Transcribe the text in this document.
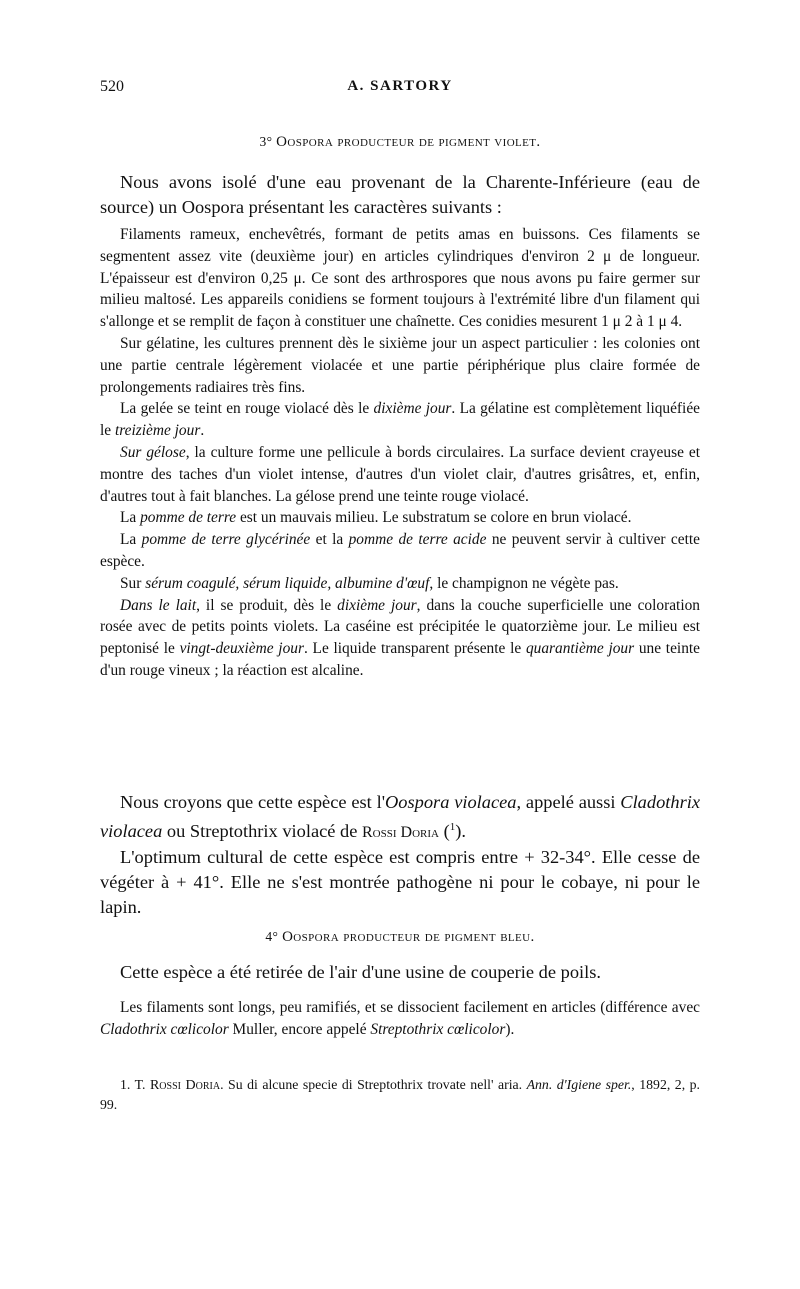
520	A. SARTORY
3° Oospora producteur de pigment violet.

Nous avons isolé d'une eau provenant de la Charente-Inférieure (eau de source) un Oospora présentant les caractères suivants :

Filaments rameux, enchevêtrés, formant de petits amas en buissons. Ces filaments se segmentent assez vite (deuxième jour) en articles cylindriques d'environ 2 μ de longueur. L'épaisseur est d'environ 0,25 μ. Ce sont des arthrospores que nous avons pu faire germer sur milieu maltosé. Les appareils conidiens se forment toujours à l'extrémité libre d'un filament qui s'allonge et se remplit de façon à constituer une chaînette. Ces conidies mesurent 1 μ 2 à 1 μ 4.

Sur gélatine, les cultures prennent dès le sixième jour un aspect particulier : les colonies ont une partie centrale légèrement violacée et une partie périphérique plus claire formée de prolongements radiaires très fins.

La gelée se teint en rouge violacé dès le dixième jour. La gélatine est complètement liquéfiée le treizième jour.

Sur gélose, la culture forme une pellicule à bords circulaires. La surface devient crayeuse et montre des taches d'un violet intense, d'autres d'un violet clair, d'autres grisâtres, et, enfin, d'autres tout à fait blanches. La gélose prend une teinte rouge violacé.

La pomme de terre est un mauvais milieu. Le substratum se colore en brun violacé.

La pomme de terre glycérinée et la pomme de terre acide ne peuvent servir à cultiver cette espèce.

Sur sérum coagulé, sérum liquide, albumine d'œuf, le champignon ne végète pas.

Dans le lait, il se produit, dès le dixième jour, dans la couche superficielle une coloration rosée avec de petits points violets. La caséine est précipitée le quatorzième jour. Le milieu est peptonisé le vingt-deuxième jour. Le liquide transparent présente le quarantième jour une teinte d'un rouge vineux ; la réaction est alcaline.

Nous croyons que cette espèce est l'Oospora violacea, appelé aussi Cladothrix violacea ou Streptothrix violacé de Rossi Doria ($^1$).

L'optimum cultural de cette espèce est compris entre + 32-34°. Elle cesse de végéter à + 41°. Elle ne s'est montrée pathogène ni pour le cobaye, ni pour le lapin.

4° Oospora producteur de pigment bleu.

Cette espèce a été retirée de l'air d'une usine de couperie de poils.

Les filaments sont longs, peu ramifiés, et se dissocient facilement en articles (différence avec Cladothrix cœlicolor Muller, encore appelé Streptothrix cœlicolor).

1. T. Rossi Doria. Su di alcune specie di Streptothrix trovate nell' aria. Ann. d'Igiene sper., 1892, 2, p. 99.
